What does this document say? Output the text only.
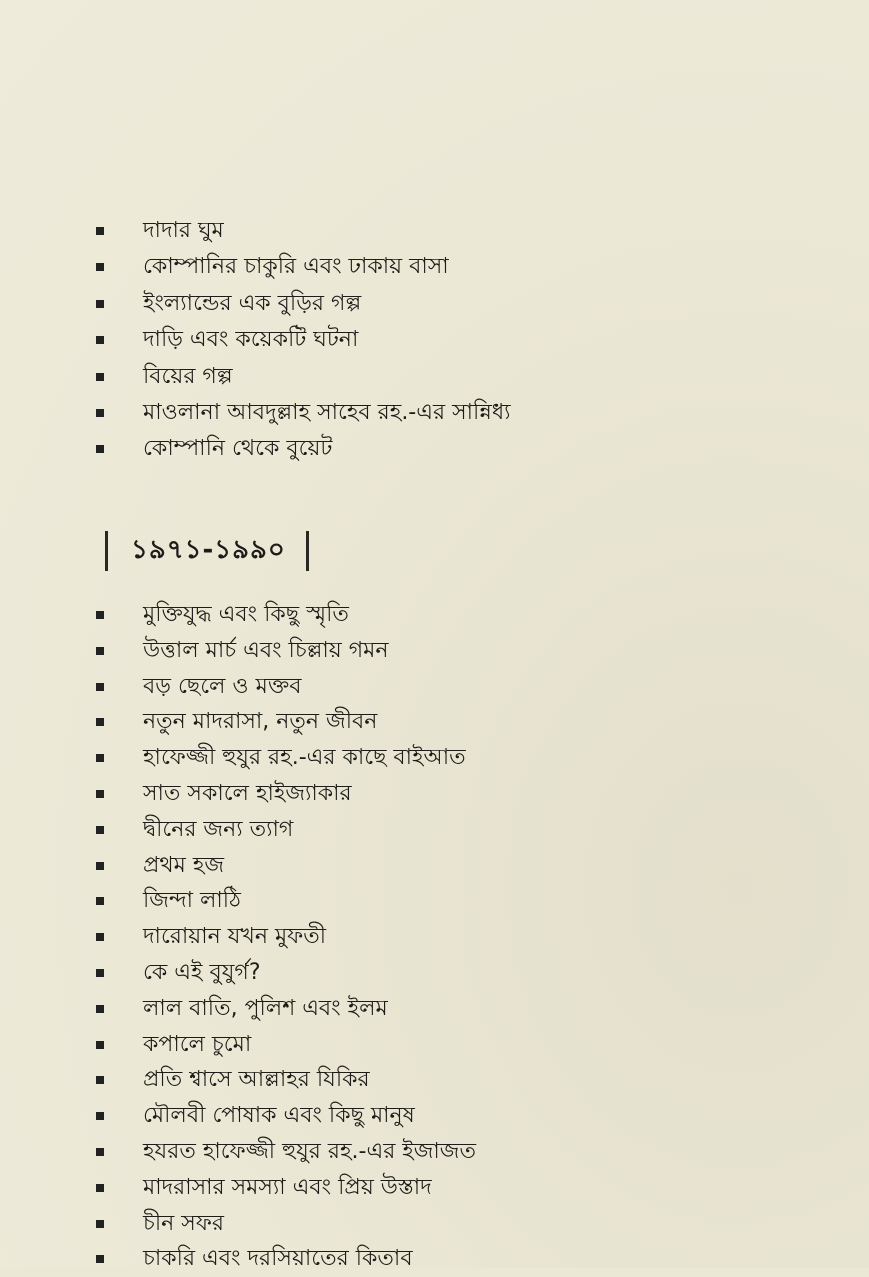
দাদার ঘুম
কোম্পানির চাকুরি এবং ঢাকায় বাসা
ইংল্যান্ডের এক বুড়ির গল্প
দাড়ি এবং কয়েকটি ঘটনা
বিয়ের গল্প
মাওলানা আবদুল্লাহ সাহেব রহ.-এর সান্নিধ্য
কোম্পানি থেকে বুয়েট
১৯৭১-১৯৯০
মুক্তিযুদ্ধ এবং কিছু স্মৃতি
উত্তাল মার্চ এবং চিল্লায় গমন
বড় ছেলে ও মক্তব
নতুন মাদরাসা, নতুন জীবন
হাফেজ্জী হুযুর রহ.-এর কাছে বাইআত
সাত সকালে হাইজ্যাকার
দ্বীনের জন্য ত্যাগ
প্রথম হজ
জিন্দা লাঠি
দারোয়ান যখন মুফতী
কে এই বুযুর্গ?
লাল বাতি, পুলিশ এবং ইলম
কপালে চুমো
প্রতি শ্বাসে আল্লাহর যিকির
মৌলবী পোষাক এবং কিছু মানুষ
হযরত হাফেজ্জী হুযুর রহ.-এর ইজাজত
মাদরাসার সমস্যা এবং প্রিয় উস্তাদ
চীন সফর
চাকরি এবং দরসিয়াতের কিতাব
